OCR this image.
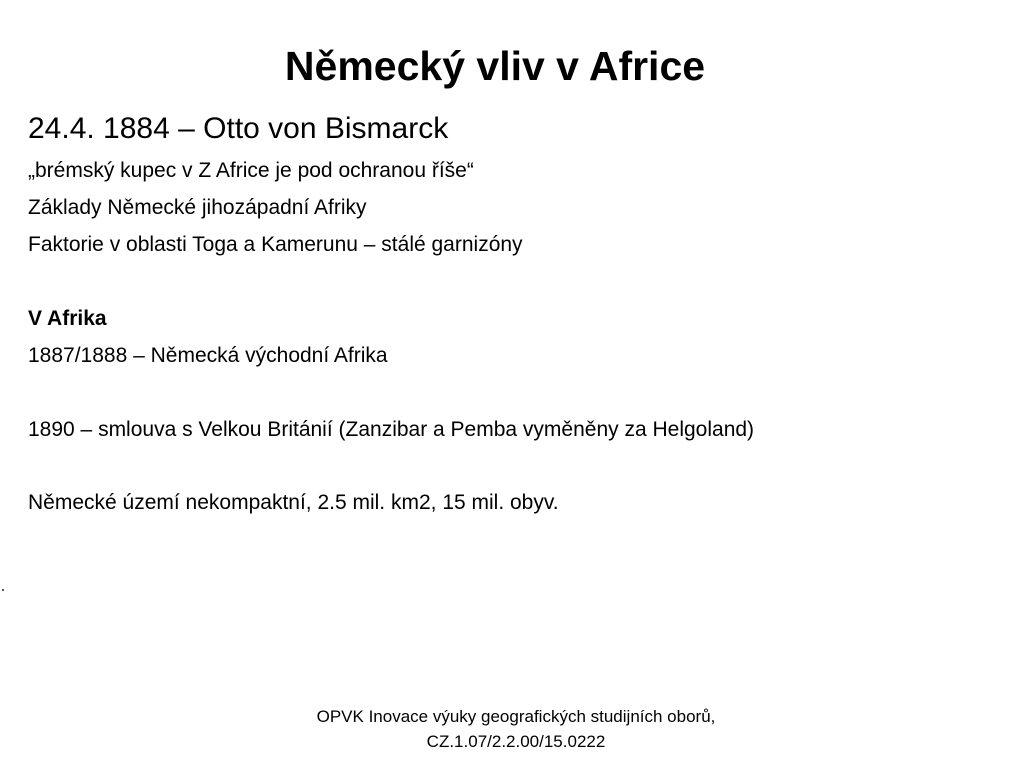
Německý vliv v Africe

24.4. 1884 – Otto von Bismarck

„brémský kupec v Z Africe je pod ochranou říše“

Základy Německé jihozápadní Afriky

Faktorie v oblasti Toga a Kamerunu – stálé garnizóny

V Afrika

1887/1888 – Německá východní Afrika

1890 – smlouva s Velkou Británií (Zanzibar a Pemba vyměněny za Helgoland)

Německé území nekompaktní, 2.5 mil. km2, 15 mil. obyv.

OPVK Inovace výuky geografických studijních oborů,
CZ.1.07/2.2.00/15.0222
